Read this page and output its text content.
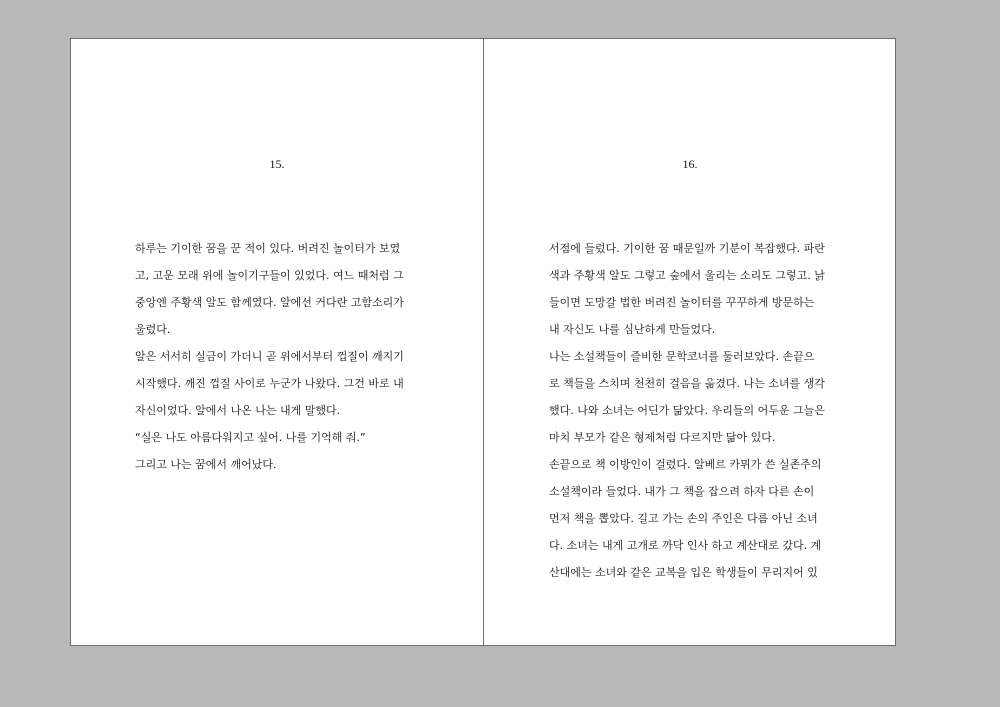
15.
하루는 기이한 꿈을 꾼 적이 있다. 버려진 놀이터가 보였
고, 고운 모래 위에 놀이기구들이 있었다. 여느 때처럼 그
중앙엔 주황색 알도 함께였다. 알에선 커다란 고함소리가
울렸다.
알은 서서히 실금이 가더니 곧 위에서부터 껍질이 깨지기
시작했다. 깨진 껍질 사이로 누군가 나왔다. 그건 바로 내
자신이었다. 알에서 나온 나는 내게 말했다.
“실은 나도 아름다워지고 싶어. 나를 기억해 줘.”
그리고 나는 꿈에서 깨어났다.
16.
서점에 들렀다. 기이한 꿈 때문일까 기분이 복잡했다. 파란
색과 주황색 알도 그렇고 숲에서 울리는 소리도 그렇고. 낡
들이면 도망갈 법한 버려진 놀이터를 꾸꾸하게 방문하는
내 자신도 나를 심난하게 만들었다.
나는 소설책들이 즐비한 문학코너를 둘러보았다. 손끝으
로 책들을 스치며 천천히 걸음을 옮겼다. 나는 소녀를 생각
했다. 나와 소녀는 어딘가 닮았다. 우리들의 어두운 그늘은
마치 부모가 같은 형제처럼 다르지만 닮아 있다.
손끝으로 책 이방인이 걸렸다. 알베르 카뮈가 쓴 실존주의
소설책이라 들었다. 내가 그 책을 잡으려 하자 다른 손이
먼저 책을 뽑았다. 길고 가는 손의 주인은 다름 아닌 소녀
다. 소녀는 내게 고개로 까닥 인사 하고 계산대로 갔다. 계
산대에는 소녀와 같은 교복을 입은 학생들이 무리지어 있
